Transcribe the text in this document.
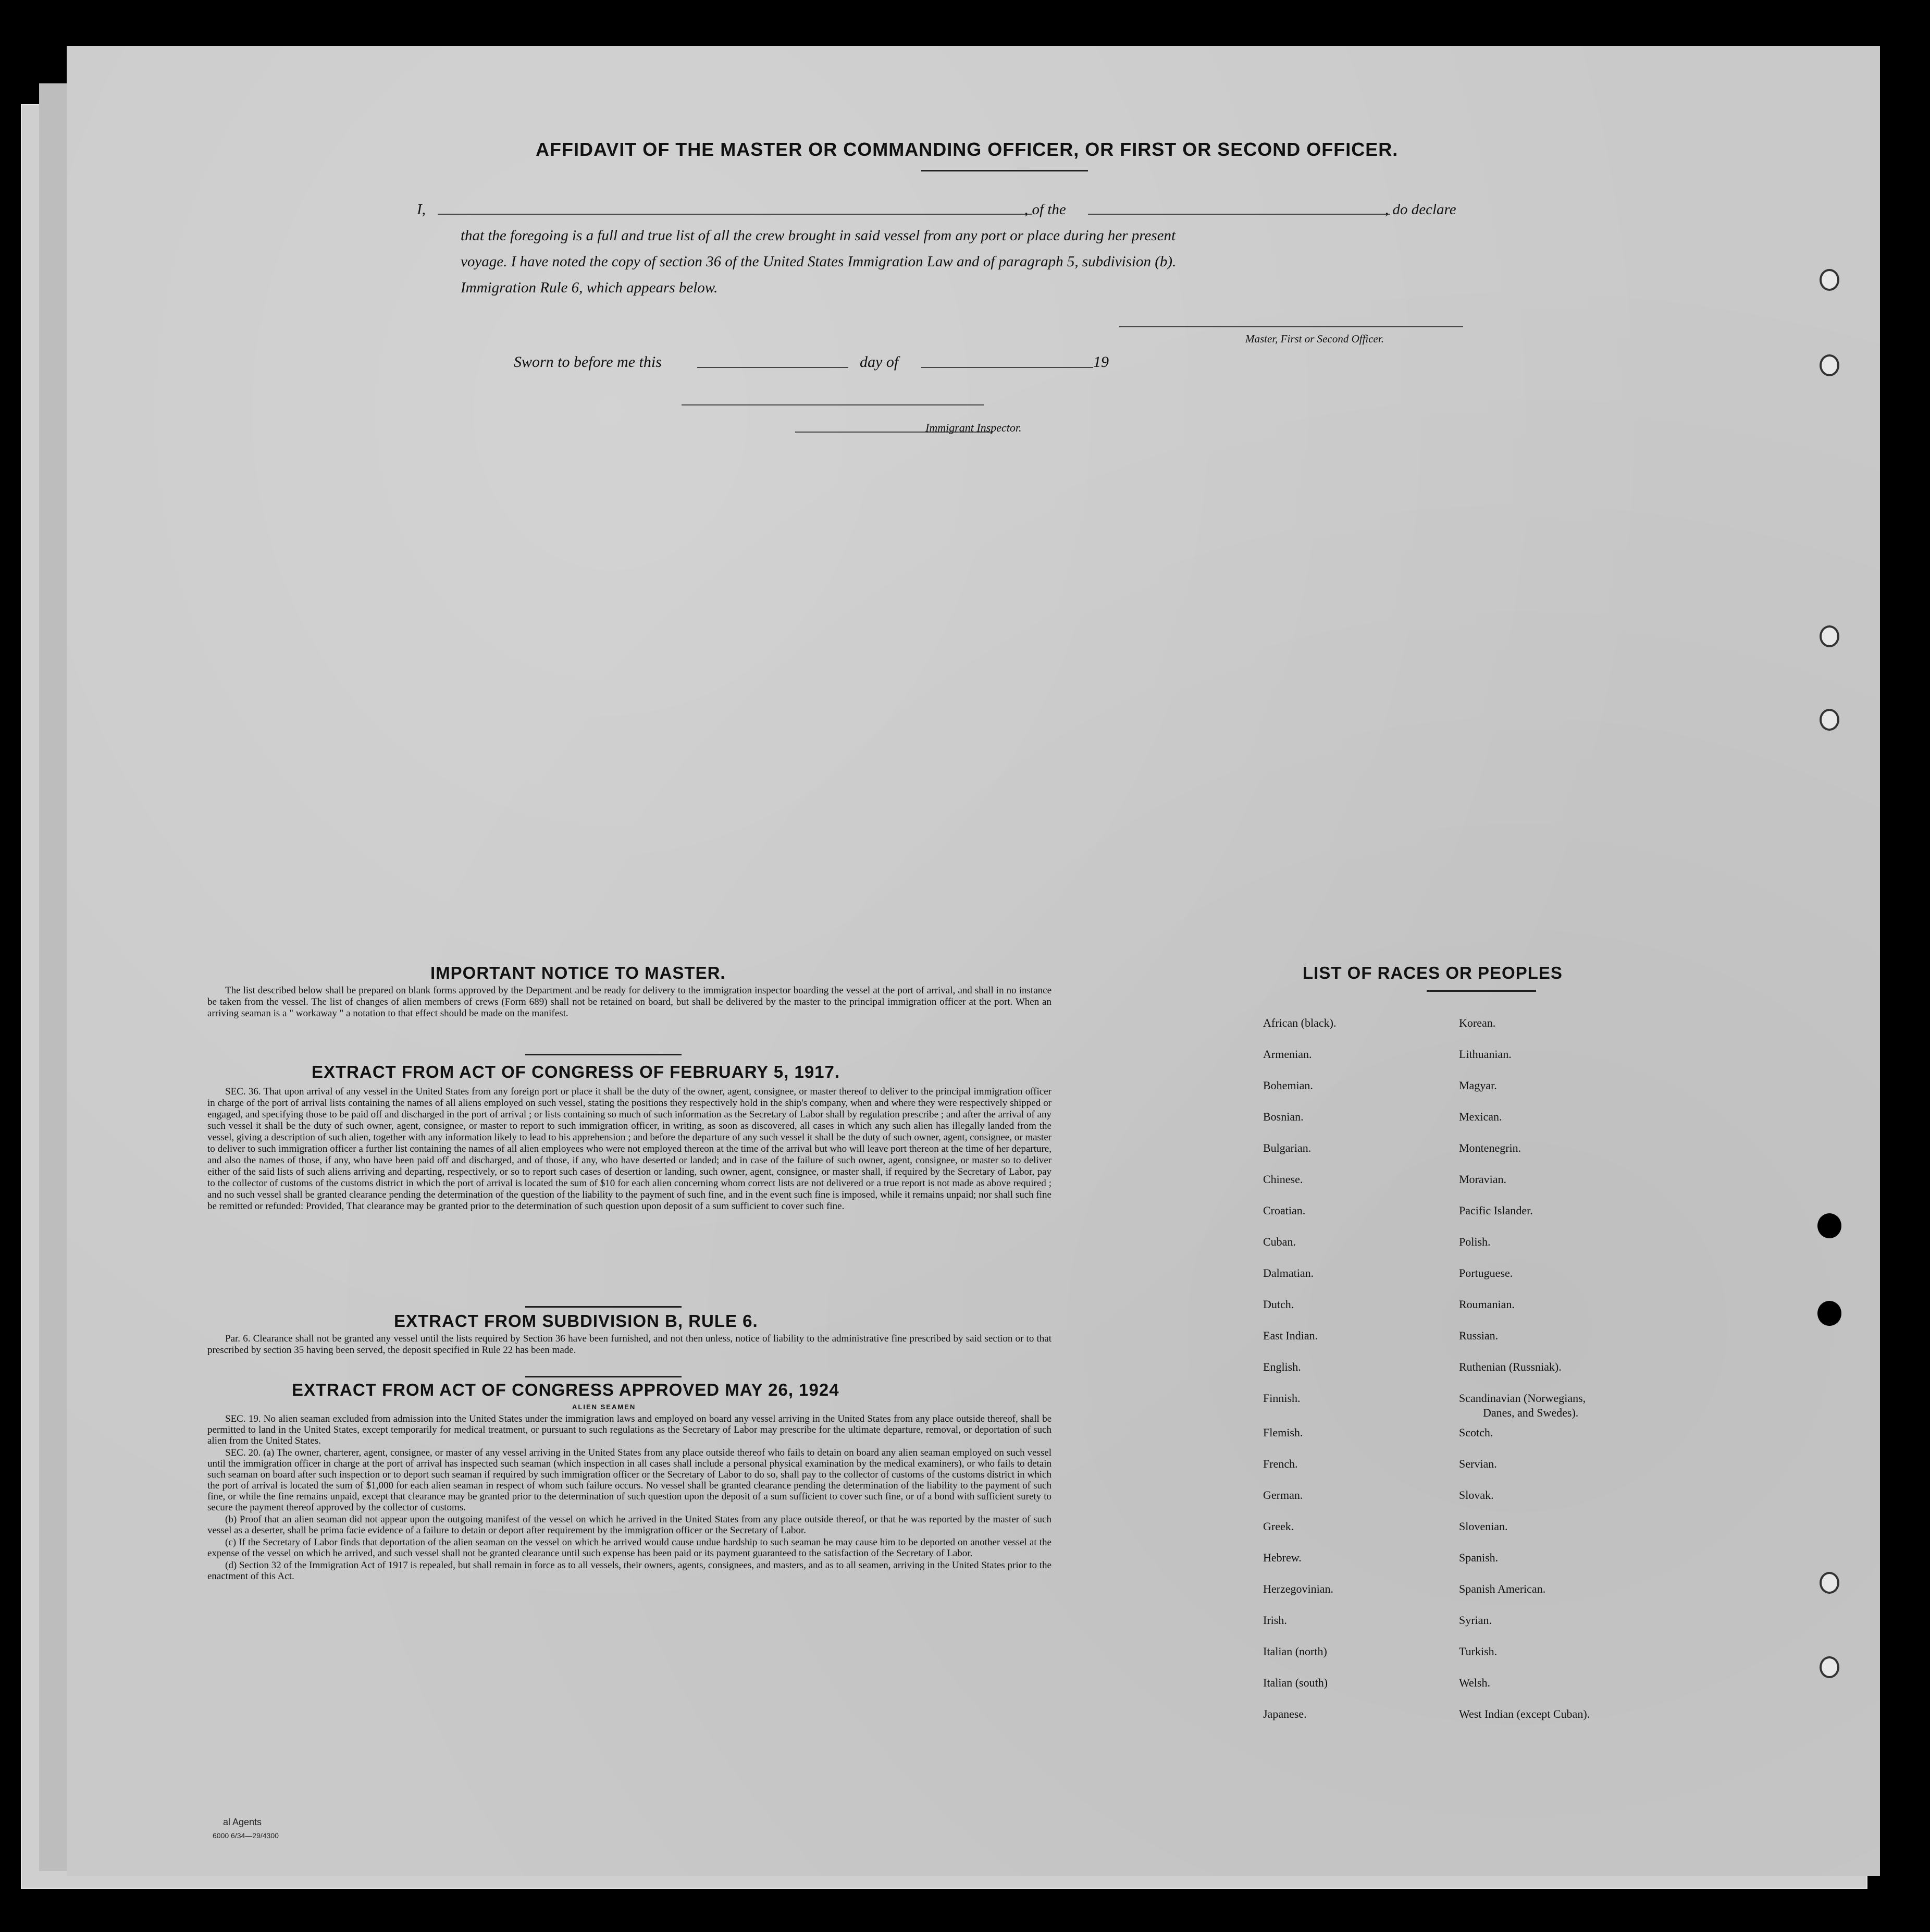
AFFIDAVIT OF THE MASTER OR COMMANDING OFFICER, OR FIRST OR SECOND OFFICER.
I,	, of the	, do declare
that the foregoing is a full and true list of all the crew brought in said vessel from any port or place during her present
voyage. I have noted the copy of section 36 of the United States Immigration Law and of paragraph 5, subdivision (b).
Immigration Rule 6, which appears below.
Master, First or Second Officer.
Sworn to before me this	day of	19
Immigrant Inspector.
IMPORTANT NOTICE TO MASTER.

The list described below shall be prepared on blank forms approved by the Department and be ready for delivery to the immigration inspector boarding the vessel at the port of arrival, and shall in no instance be taken from the vessel. The list of changes of alien members of crews (Form 689) shall not be retained on board, but shall be delivered by the master to the principal immigration officer at the port. When an arriving seaman is a " workaway " a notation to that effect should be made on the manifest.

EXTRACT FROM ACT OF CONGRESS OF FEBRUARY 5, 1917.

SEC. 36. That upon arrival of any vessel in the United States from any foreign port or place it shall be the duty of the owner, agent, consignee, or master thereof to deliver to the principal immigration officer in charge of the port of arrival lists containing the names of all aliens employed on such vessel, stating the positions they respectively hold in the ship's company, when and where they were respectively shipped or engaged, and specifying those to be paid off and discharged in the port of arrival ; or lists containing so much of such information as the Secretary of Labor shall by regulation prescribe ; and after the arrival of any such vessel it shall be the duty of such owner, agent, consignee, or master to report to such immigration officer, in writing, as soon as discovered, all cases in which any such alien has illegally landed from the vessel, giving a description of such alien, together with any information likely to lead to his apprehension ; and before the departure of any such vessel it shall be the duty of such owner, agent, consignee, or master to deliver to such immigration officer a further list containing the names of all alien employees who were not employed thereon at the time of the arrival but who will leave port thereon at the time of her departure, and also the names of those, if any, who have been paid off and discharged, and of those, if any, who have deserted or landed; and in case of the failure of such owner, agent, consignee, or master so to deliver either of the said lists of such aliens arriving and departing, respectively, or so to report such cases of desertion or landing, such owner, agent, consignee, or master shall, if required by the Secretary of Labor, pay to the collector of customs of the customs district in which the port of arrival is located the sum of $10 for each alien concerning whom correct lists are not delivered or a true report is not made as above required ; and no such vessel shall be granted clearance pending the determination of the question of the liability to the payment of such fine, and in the event such fine is imposed, while it remains unpaid; nor shall such fine be remitted or refunded: Provided, That clearance may be granted prior to the determination of such question upon deposit of a sum sufficient to cover such fine.

EXTRACT FROM SUBDIVISION B, RULE 6.

Par. 6. Clearance shall not be granted any vessel until the lists required by Section 36 have been furnished, and not then unless, notice of liability to the administrative fine prescribed by said section or to that prescribed by section 35 having been served, the deposit specified in Rule 22 has been made.

EXTRACT FROM ACT OF CONGRESS APPROVED MAY 26, 1924
ALIEN SEAMEN

SEC. 19. No alien seaman excluded from admission into the United States under the immigration laws and employed on board any vessel arriving in the United States from any place outside thereof, shall be permitted to land in the United States, except temporarily for medical treatment, or pursuant to such regulations as the Secretary of Labor may prescribe for the ultimate departure, removal, or deportation of such alien from the United States.

SEC. 20. (a) The owner, charterer, agent, consignee, or master of any vessel arriving in the United States from any place outside thereof who fails to detain on board any alien seaman employed on such vessel until the immigration officer in charge at the port of arrival has inspected such seaman (which inspection in all cases shall include a personal physical examination by the medical examiners), or who fails to detain such seaman on board after such inspection or to deport such seaman if required by such immigration officer or the Secretary of Labor to do so, shall pay to the collector of customs of the customs district in which the port of arrival is located the sum of $1,000 for each alien seaman in respect of whom such failure occurs. No vessel shall be granted clearance pending the determination of the liability to the payment of such fine, or while the fine remains unpaid, except that clearance may be granted prior to the determination of such question upon the deposit of a sum sufficient to cover such fine, or of a bond with sufficient surety to secure the payment thereof approved by the collector of customs.

(b) Proof that an alien seaman did not appear upon the outgoing manifest of the vessel on which he arrived in the United States from any place outside thereof, or that he was reported by the master of such vessel as a deserter, shall be prima facie evidence of a failure to detain or deport after requirement by the immigration officer or the Secretary of Labor.

(c) If the Secretary of Labor finds that deportation of the alien seaman on the vessel on which he arrived would cause undue hardship to such seaman he may cause him to be deported on another vessel at the expense of the vessel on which he arrived, and such vessel shall not be granted clearance until such expense has been paid or its payment guaranteed to the satisfaction of the Secretary of Labor.

(d) Section 32 of the Immigration Act of 1917 is repealed, but shall remain in force as to all vessels, their owners, agents, consignees, and masters, and as to all seamen, arriving in the United States prior to the enactment of this Act.

LIST OF RACES OR PEOPLES
African (black).
Armenian.
Bohemian.
Bosnian.
Bulgarian.
Chinese.
Croatian.
Cuban.
Dalmatian.
Dutch.
East Indian.
English.
Finnish.
Flemish.
French.
German.
Greek.
Hebrew.
Herzegovinian.
Irish.
Italian (north)
Italian (south)
Japanese.
Korean.
Lithuanian.
Magyar.
Mexican.
Montenegrin.
Moravian.
Pacific Islander.
Polish.
Portuguese.
Roumanian.
Russian.
Ruthenian (Russniak).
Scandinavian (Norwegians,
Danes, and Swedes).
Scotch.
Servian.
Slovak.
Slovenian.
Spanish.
Spanish American.
Syrian.
Turkish.
Welsh.
West Indian (except Cuban).
al Agents
6000 6/34—29/4300
